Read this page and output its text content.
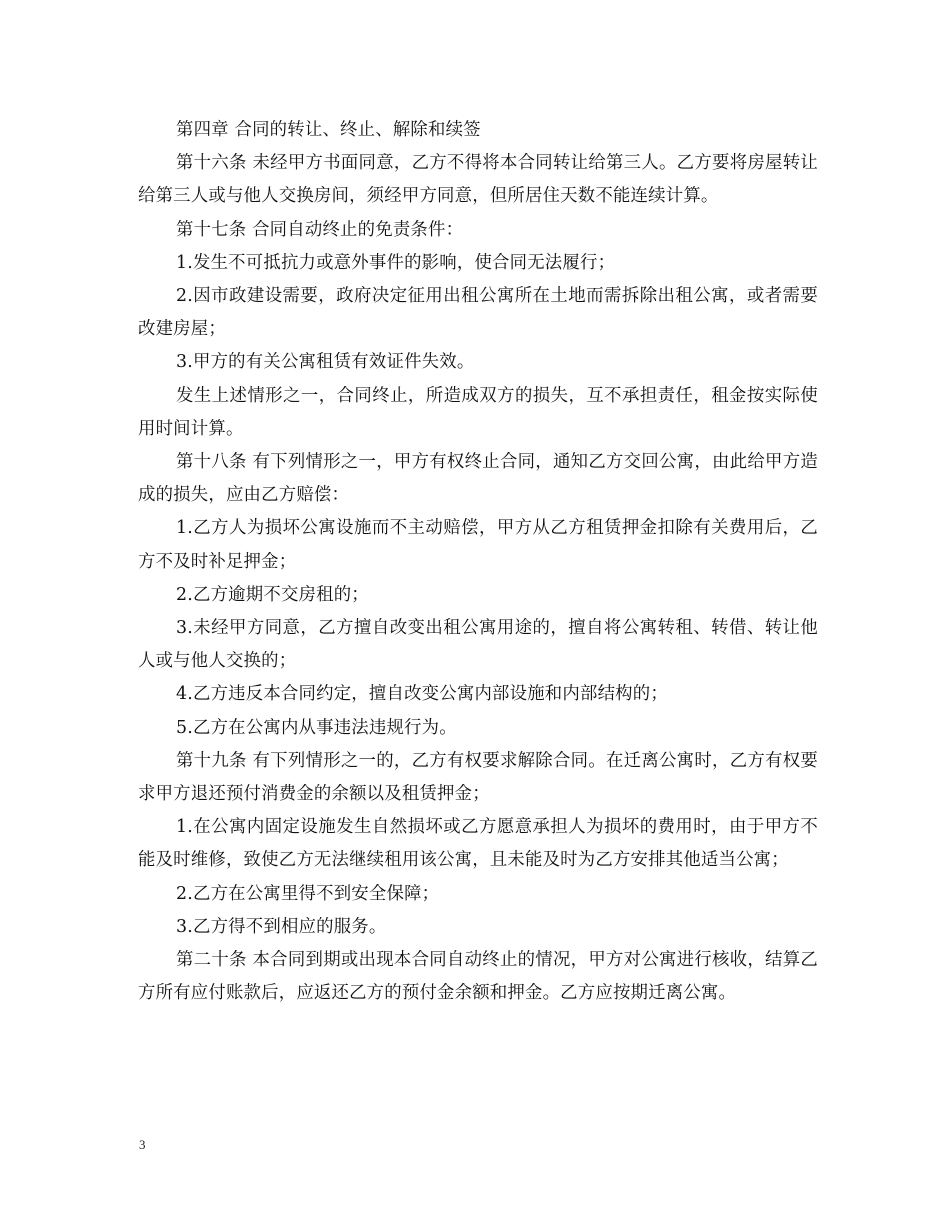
第四章 合同的转让、终止、解除和续签

第十六条 未经甲方书面同意，乙方不得将本合同转让给第三人。乙方要将房屋转让给第三人或与他人交换房间，须经甲方同意，但所居住天数不能连续计算。

第十七条 合同自动终止的免责条件：

1.发生不可抵抗力或意外事件的影响，使合同无法履行；

2.因市政建设需要，政府决定征用出租公寓所在土地而需拆除出租公寓，或者需要改建房屋；

3.甲方的有关公寓租赁有效证件失效。

发生上述情形之一，合同终止，所造成双方的损失，互不承担责任，租金按实际使用时间计算。

第十八条 有下列情形之一，甲方有权终止合同，通知乙方交回公寓，由此给甲方造成的损失，应由乙方赔偿：

1.乙方人为损坏公寓设施而不主动赔偿，甲方从乙方租赁押金扣除有关费用后，乙方不及时补足押金；

2.乙方逾期不交房租的；

3.未经甲方同意，乙方擅自改变出租公寓用途的，擅自将公寓转租、转借、转让他人或与他人交换的；

4.乙方违反本合同约定，擅自改变公寓内部设施和内部结构的；

5.乙方在公寓内从事违法违规行为。

第十九条 有下列情形之一的，乙方有权要求解除合同。在迁离公寓时，乙方有权要求甲方退还预付消费金的余额以及租赁押金；

1.在公寓内固定设施发生自然损坏或乙方愿意承担人为损坏的费用时，由于甲方不能及时维修，致使乙方无法继续租用该公寓，且未能及时为乙方安排其他适当公寓；

2.乙方在公寓里得不到安全保障；

3.乙方得不到相应的服务。

第二十条 本合同到期或出现本合同自动终止的情况，甲方对公寓进行核收，结算乙方所有应付账款后，应返还乙方的预付金余额和押金。乙方应按期迁离公寓。

3
